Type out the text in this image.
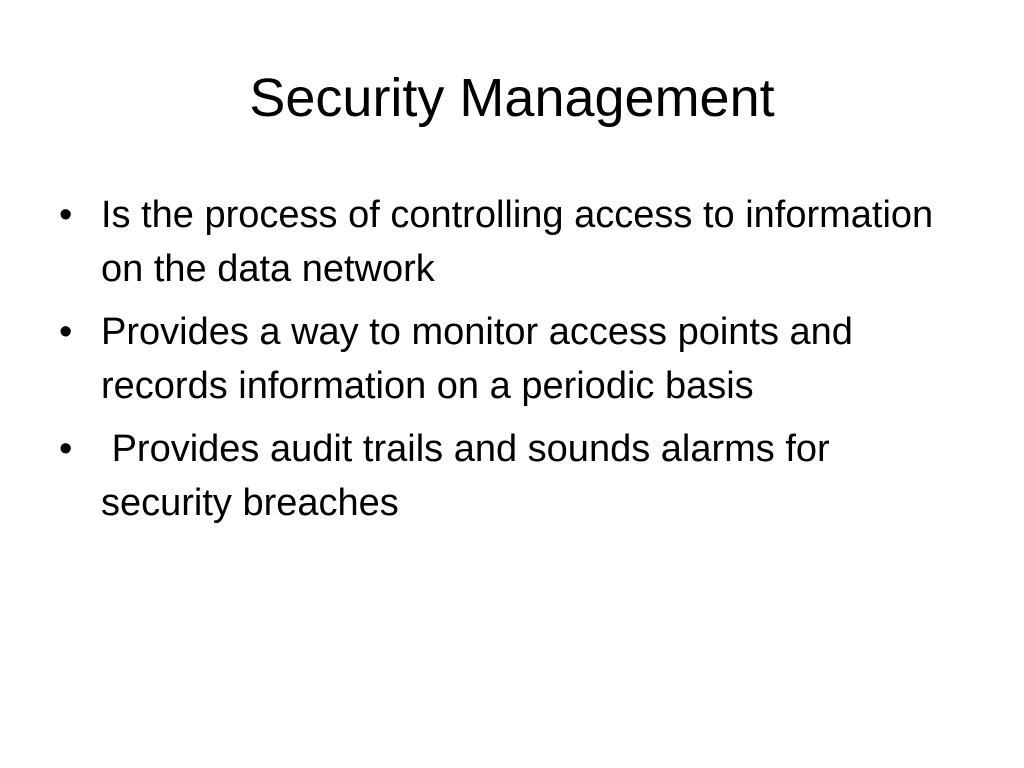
Security Management
• Is the process of controlling access to information on the data network
• Provides a way to monitor access points and records information on a periodic basis
• Provides audit trails and sounds alarms for security breaches
